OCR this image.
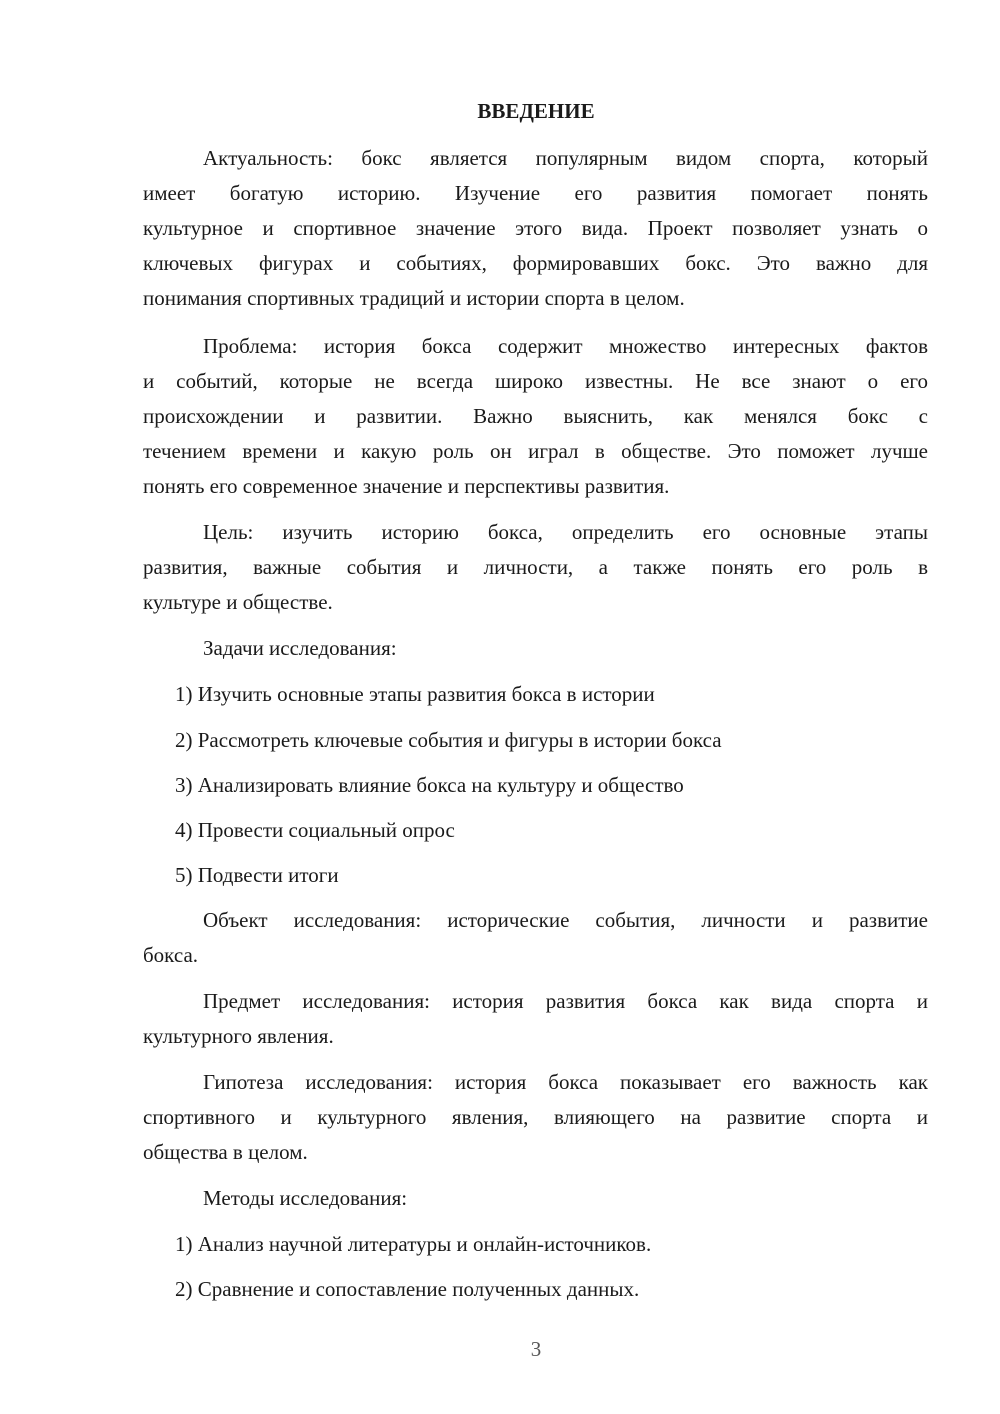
ВВЕДЕНИЕ
Актуальность: бокс является популярным видом спорта, который
имеет богатую историю. Изучение его развития помогает понять
культурное и спортивное значение этого вида. Проект позволяет узнать о
ключевых фигурах и событиях, формировавших бокс. Это важно для
понимания спортивных традиций и истории спорта в целом.
Проблема: история бокса содержит множество интересных фактов
и событий, которые не всегда широко известны. Не все знают о его
происхождении и развитии. Важно выяснить, как менялся бокс с
течением времени и какую роль он играл в обществе. Это поможет лучше
понять его современное значение и перспективы развития.
Цель: изучить историю бокса, определить его основные этапы
развития, важные события и личности, а также понять его роль в
культуре и обществе.
Задачи исследования:
1) Изучить основные этапы развития бокса в истории
2) Рассмотреть ключевые события и фигуры в истории бокса
3) Анализировать влияние бокса на культуру и общество
4) Провести социальный опрос
5) Подвести итоги
Объект исследования: исторические события, личности и развитие
бокса.
Предмет исследования: история развития бокса как вида спорта и
культурного явления.
Гипотеза исследования: история бокса показывает его важность как
спортивного и культурного явления, влияющего на развитие спорта и
общества в целом.
Методы исследования:
1) Анализ научной литературы и онлайн-источников.
2) Сравнение и сопоставление полученных данных.
3
